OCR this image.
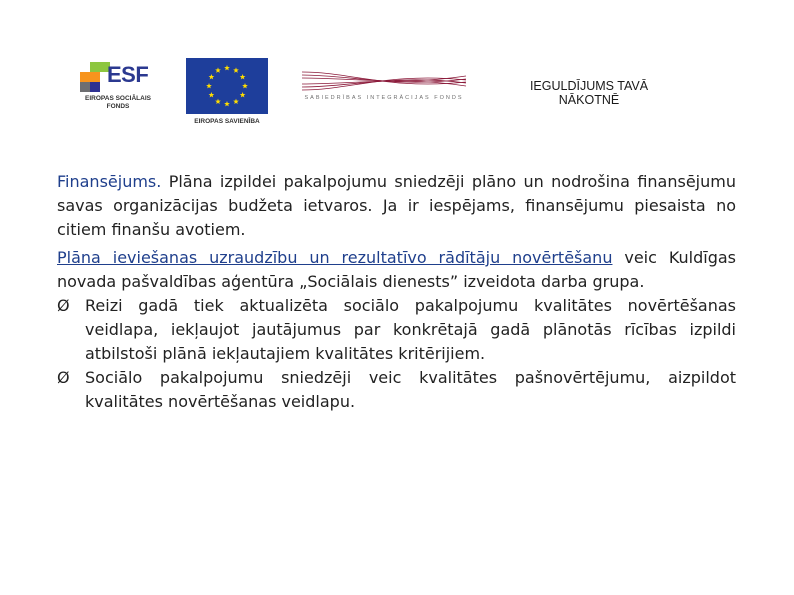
ESF
EIROPAS SOCIĀLAIS FONDS
EIROPAS SAVIENĪBA
SABIEDRĪBAS INTEGRĀCIJAS FONDS
IEGULDĪJUMS TAVĀ NĀKOTNĒ
Finansējums. Plāna izpildei pakalpojumu sniedzēji plāno un nodrošina finansējumu savas organizācijas budžeta ietvaros. Ja ir iespējams, finansējumu piesaista no citiem finanšu avotiem.
Plāna ieviešanas uzraudzību un rezultatīvo rādītāju novērtēšanu veic Kuldīgas novada pašvaldības aģentūra „Sociālais dienests” izveidota darba grupa.
Ø Reizi gadā tiek aktualizēta sociālo pakalpojumu kvalitātes novērtēšanas veidlapa, iekļaujot jautājumus par konkrētajā gadā plānotās rīcības izpildi atbilstoši plānā iekļautajiem kvalitātes kritērijiem.
Ø Sociālo pakalpojumu sniedzēji veic kvalitātes pašnovērtējumu, aizpildot kvalitātes novērtēšanas veidlapu.
